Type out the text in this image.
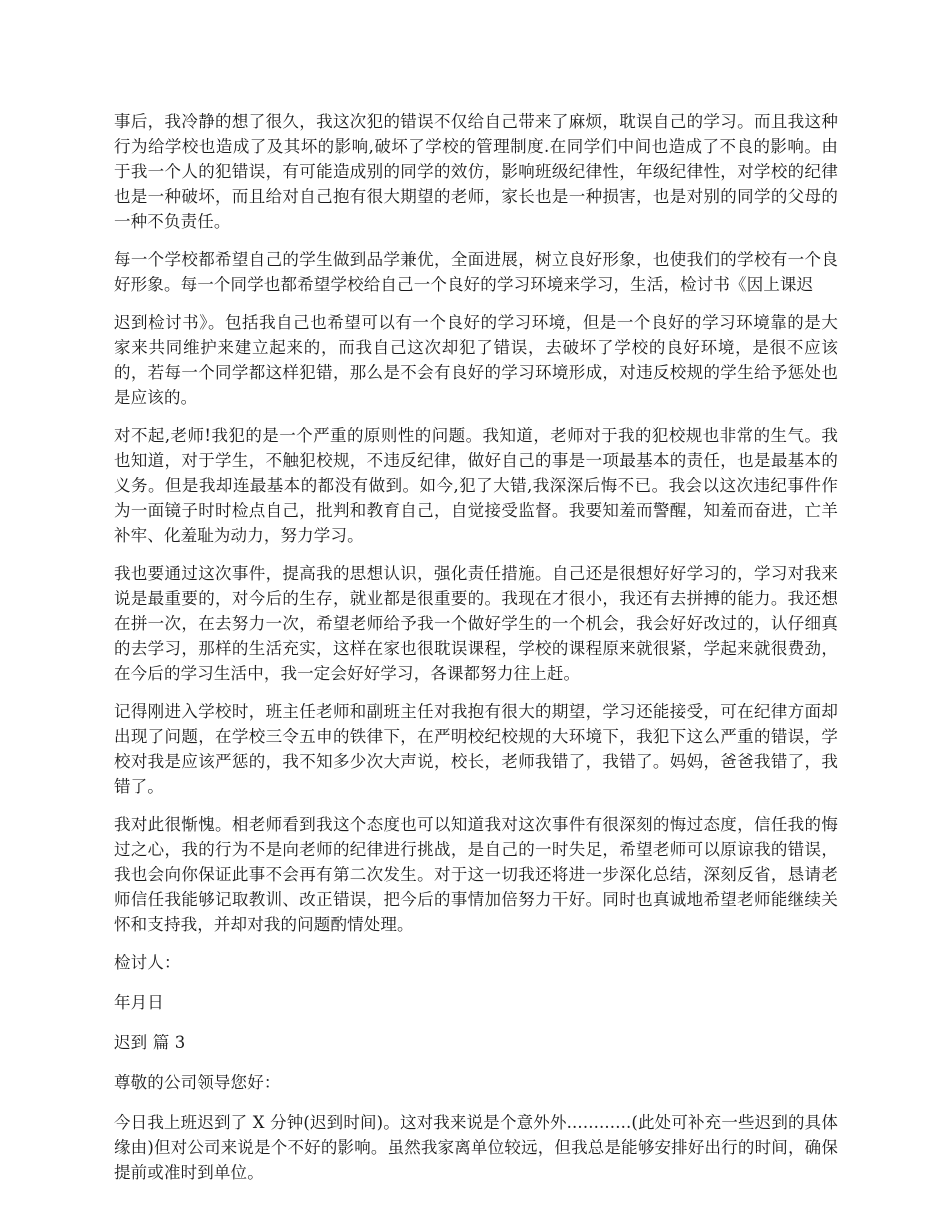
事后，我冷静的想了很久，我这次犯的错误不仅给自己带来了麻烦，耽误自己的学习。而且我这种行为给学校也造成了及其坏的影响,破坏了学校的管理制度.在同学们中间也造成了不良的影响。由于我一个人的犯错误，有可能造成别的同学的效仿，影响班级纪律性，年级纪律性，对学校的纪律也是一种破坏，而且给对自己抱有很大期望的老师，家长也是一种损害，也是对别的同学的父母的一种不负责任。

每一个学校都希望自己的学生做到品学兼优，全面进展，树立良好形象，也使我们的学校有一个良好形象。每一个同学也都希望学校给自己一个良好的学习环境来学习，生活，检讨书《因上课迟

迟到检讨书》。包括我自己也希望可以有一个良好的学习环境，但是一个良好的学习环境靠的是大家来共同维护来建立起来的，而我自己这次却犯了错误，去破坏了学校的良好环境，是很不应该的，若每一个同学都这样犯错，那么是不会有良好的学习环境形成，对违反校规的学生给予惩处也是应该的。

对不起,老师!我犯的是一个严重的原则性的问题。我知道，老师对于我的犯校规也非常的生气。我也知道，对于学生，不触犯校规，不违反纪律，做好自己的事是一项最基本的责任，也是最基本的义务。但是我却连最基本的都没有做到。如今,犯了大错,我深深后悔不已。我会以这次违纪事件作为一面镜子时时检点自己，批判和教育自己，自觉接受监督。我要知羞而警醒，知羞而奋进，亡羊补牢、化羞耻为动力，努力学习。

我也要通过这次事件，提高我的思想认识，强化责任措施。自己还是很想好好学习的，学习对我来说是最重要的，对今后的生存，就业都是很重要的。我现在才很小，我还有去拼搏的能力。我还想在拼一次，在去努力一次，希望老师给予我一个做好学生的一个机会，我会好好改过的，认仔细真的去学习，那样的生活充实，这样在家也很耽误课程，学校的课程原来就很紧，学起来就很费劲，在今后的学习生活中，我一定会好好学习，各课都努力往上赶。

记得刚进入学校时，班主任老师和副班主任对我抱有很大的期望，学习还能接受，可在纪律方面却出现了问题，在学校三令五申的铁律下，在严明校纪校规的大环境下，我犯下这么严重的错误，学校对我是应该严惩的，我不知多少次大声说，校长，老师我错了，我错了。妈妈，爸爸我错了，我错了。

我对此很惭愧。相老师看到我这个态度也可以知道我对这次事件有很深刻的悔过态度，信任我的悔过之心，我的行为不是向老师的纪律进行挑战，是自己的一时失足，希望老师可以原谅我的错误，我也会向你保证此事不会再有第二次发生。对于这一切我还将进一步深化总结，深刻反省，恳请老师信任我能够记取教训、改正错误，把今后的事情加倍努力干好。同时也真诚地希望老师能继续关怀和支持我，并却对我的问题酌情处理。

检讨人：

年月日

迟到 篇 3

尊敬的公司领导您好：

今日我上班迟到了 X 分钟(迟到时间)。这对我来说是个意外外............(此处可补充一些迟到的具体缘由)但对公司来说是个不好的影响。虽然我家离单位较远，但我总是能够安排好出行的时间，确保提前或准时到单位。
